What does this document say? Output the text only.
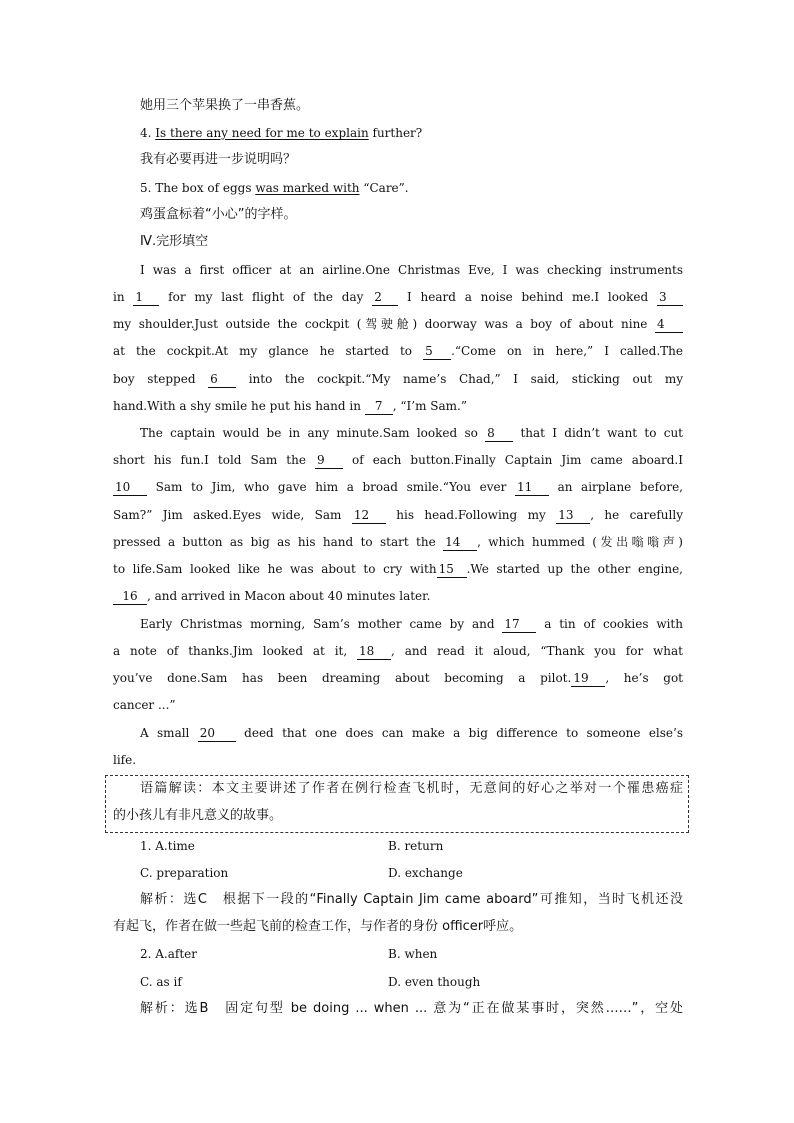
她用三个苹果换了一串香蕉。
4. Is there any need for me to explain further?
我有必要再进一步说明吗？
5. The box of eggs was marked with “Care”.
鸡蛋盒标着“小心”的字样。
Ⅳ.完形填空
I was a first officer at an airline.One Christmas Eve, I was checking instruments
in 1 for my last flight of the day 2 I heard a noise behind me.I looked 3
my shoulder.Just outside the cockpit (驾驶舱) doorway was a boy of about nine 4
at the cockpit.At my glance he started to 5 .“Come on in here,” I called.The
boy stepped 6	into the cockpit.“My name’s Chad,” I said, sticking out my
hand.With a shy smile he put his hand in 7 , “I’m Sam.”
The captain would be in any minute.Sam looked so 8 that I didn’t want to cut
short his fun.I told Sam the 9 of each button.Finally Captain Jim came aboard.I
10 Sam to Jim, who gave him a broad smile.“You ever 11 an airplane before,
Sam?” Jim asked.Eyes wide, Sam 12 his head.Following my 13 , he carefully
pressed a button as big as his hand to start the 14 , which hummed (发出嗡嗡声)
to life.Sam looked like he was about to cry with 15 .We started up the other engine,
16 , and arrived in Macon about 40 minutes later.
Early Christmas morning, Sam’s mother came by and 17 a tin of cookies with
a note of thanks.Jim looked at it, 18 , and read it aloud, “Thank you for what
you’ve done.Sam has been dreaming about becoming a pilot. 19 , he’s got
cancer ...”
A small 20 deed that one does can make a big difference to someone else’s
life.
语篇解读：本文主要讲述了作者在例行检查飞机时，无意间的好心之举对一个罹患癌症
的小孩儿有非凡意义的故事。
1. A.time	B. return
C. preparation	D. exchange
解析：选C　根据下一段的“Finally Captain Jim came aboard”可推知，当时飞机还没
有起飞，作者在做一些起飞前的检查工作，与作者的身份 officer呼应。
2. A.after	B. when
C. as if	D. even though
解析：选B　固定句型 be doing ... when ... 意为“正在做某事时，突然……”，空处
